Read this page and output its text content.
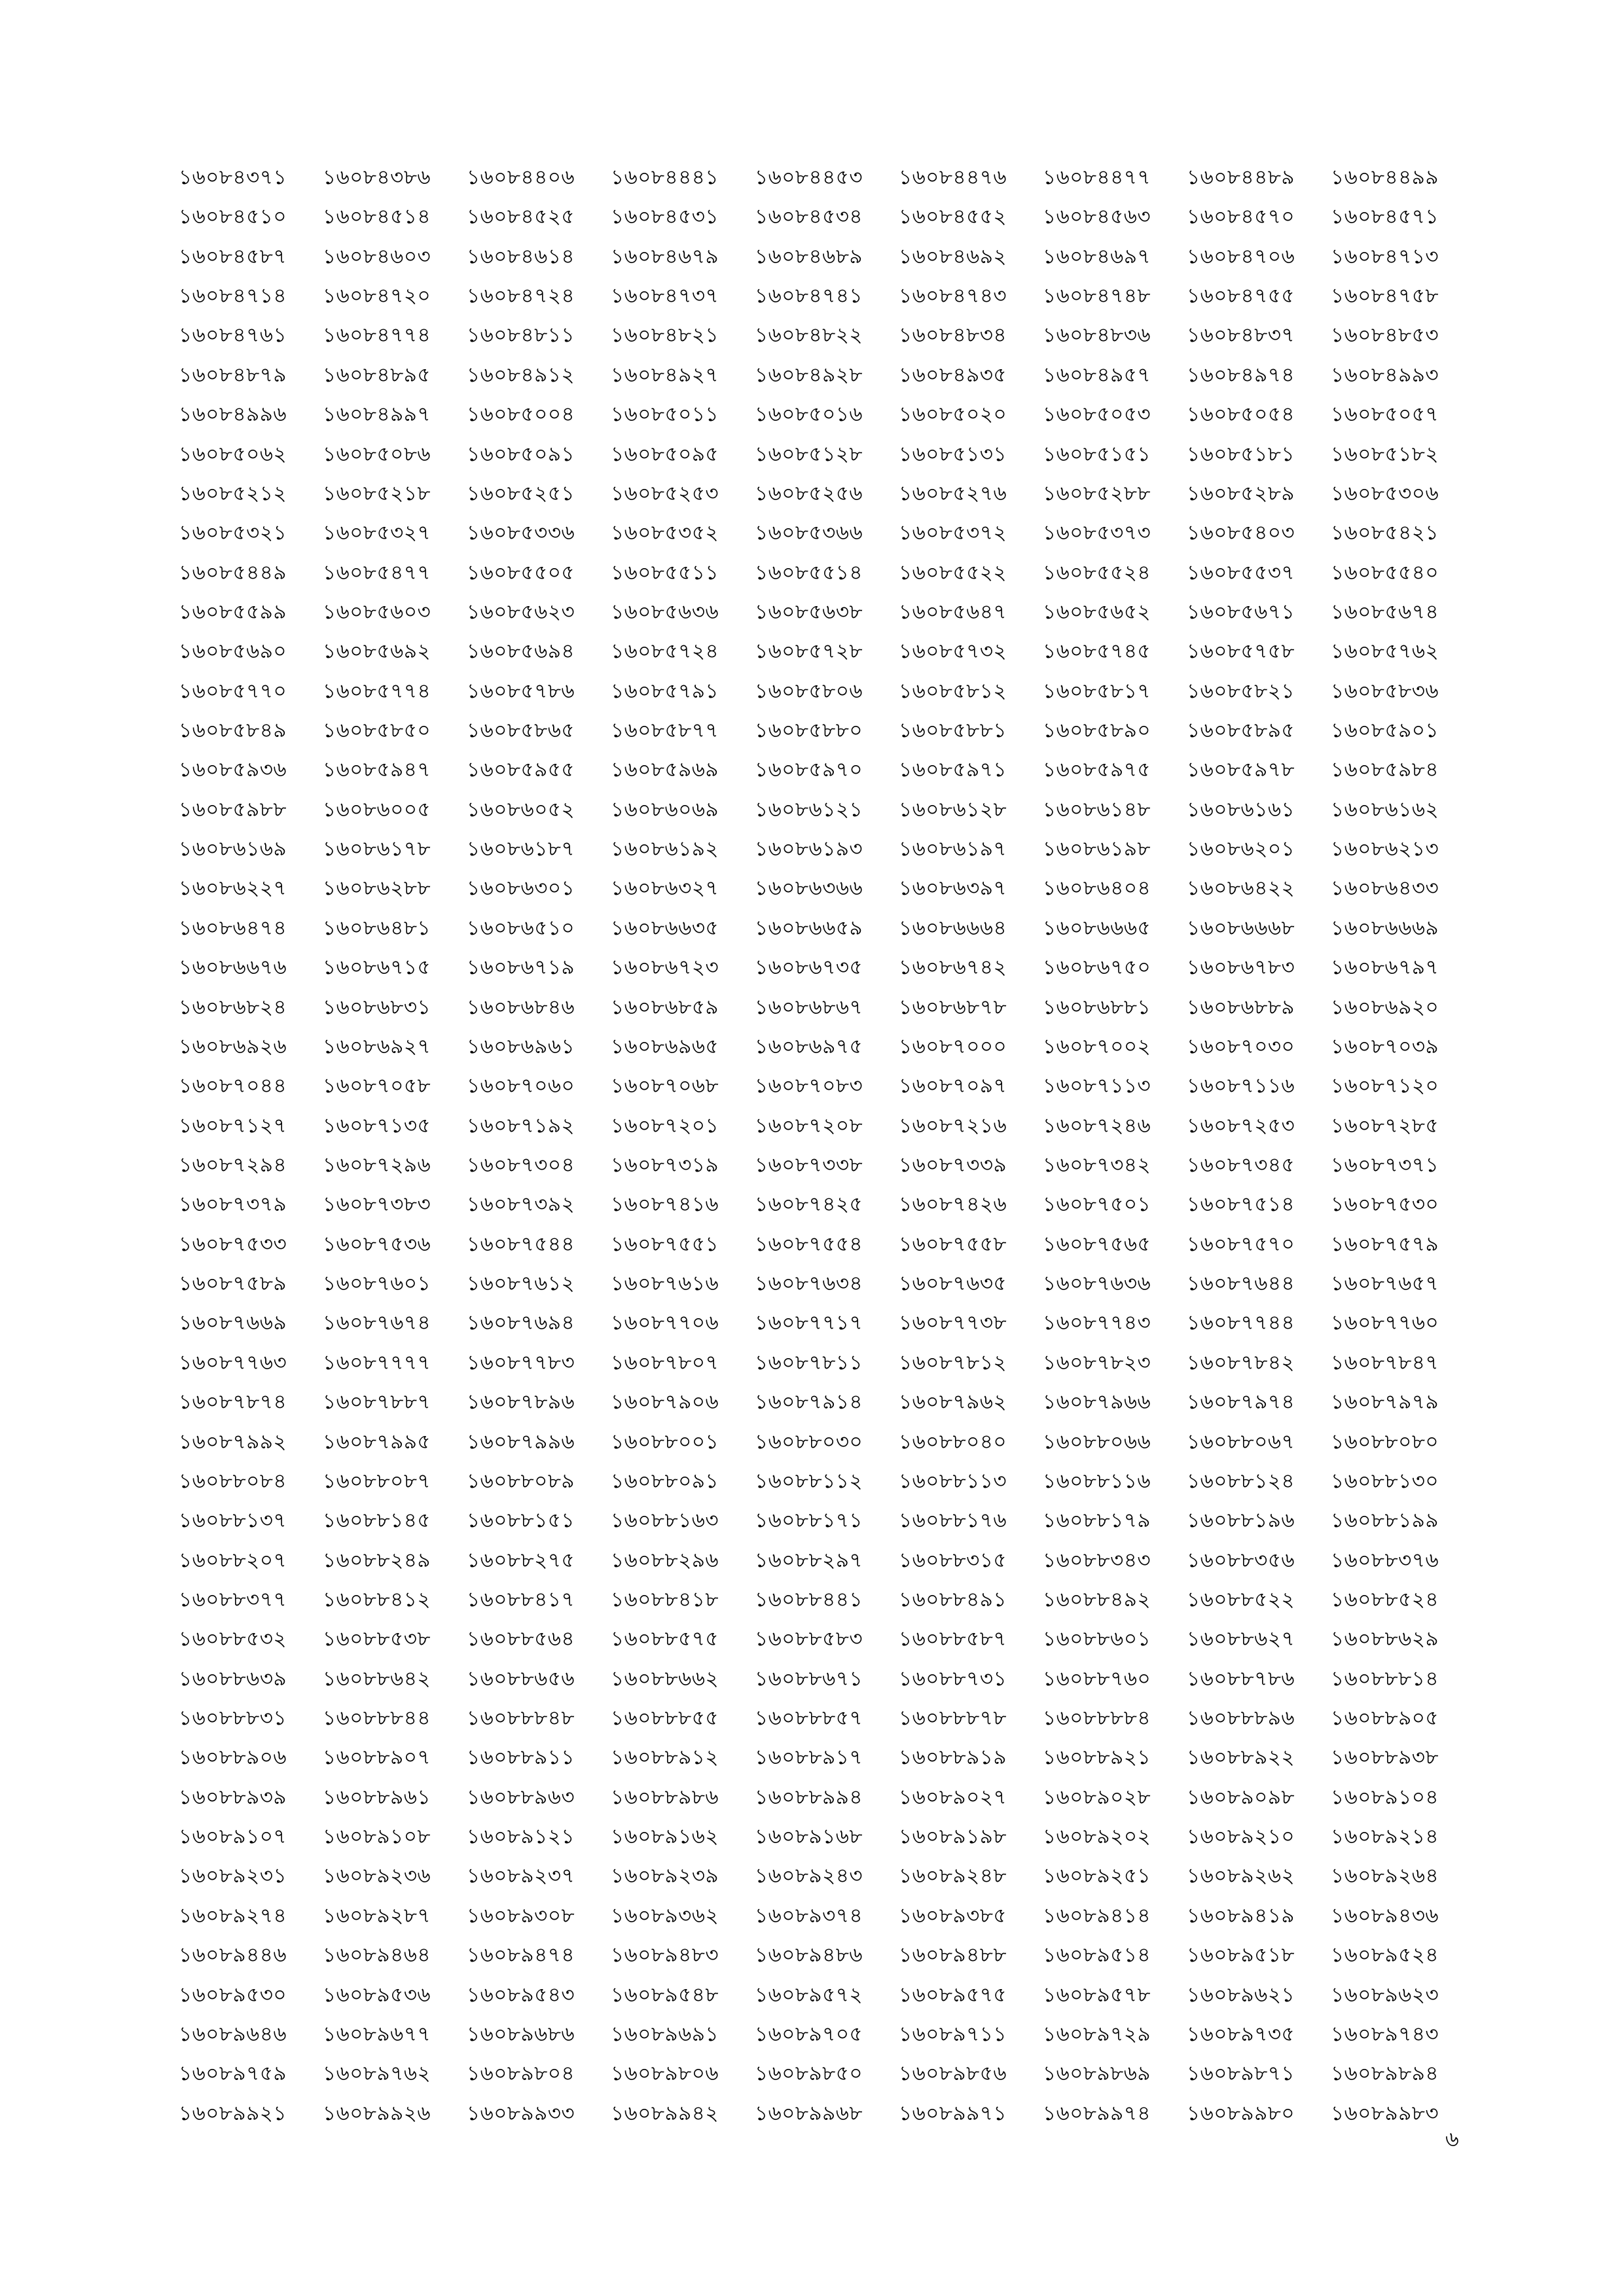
১৬০৮৪৩৭১	১৬০৮৪৩৮৬	১৬০৮৪৪০৬	১৬০৮৪৪৪১	১৬০৮৪৪৫৩	১৬০৮৪৪৭৬	১৬০৮৪৪৭৭	১৬০৮৪৪৮৯	১৬০৮৪৪৯৯
১৬০৮৪৫১০	১৬০৮৪৫১৪	১৬০৮৪৫২৫	১৬০৮৪৫৩১	১৬০৮৪৫৩৪	১৬০৮৪৫৫২	১৬০৮৪৫৬৩	১৬০৮৪৫৭০	১৬০৮৪৫৭১
১৬০৮৪৫৮৭	১৬০৮৪৬০৩	১৬০৮৪৬১৪	১৬০৮৪৬৭৯	১৬০৮৪৬৮৯	১৬০৮৪৬৯২	১৬০৮৪৬৯৭	১৬০৮৪৭০৬	১৬০৮৪৭১৩
১৬০৮৪৭১৪	১৬০৮৪৭২০	১৬০৮৪৭২৪	১৬০৮৪৭৩৭	১৬০৮৪৭৪১	১৬০৮৪৭৪৩	১৬০৮৪৭৪৮	১৬০৮৪৭৫৫	১৬০৮৪৭৫৮
১৬০৮৪৭৬১	১৬০৮৪৭৭৪	১৬০৮৪৮১১	১৬০৮৪৮২১	১৬০৮৪৮২২	১৬০৮৪৮৩৪	১৬০৮৪৮৩৬	১৬০৮৪৮৩৭	১৬০৮৪৮৫৩
১৬০৮৪৮৭৯	১৬০৮৪৮৯৫	১৬০৮৪৯১২	১৬০৮৪৯২৭	১৬০৮৪৯২৮	১৬০৮৪৯৩৫	১৬০৮৪৯৫৭	১৬০৮৪৯৭৪	১৬০৮৪৯৯৩
১৬০৮৪৯৯৬	১৬০৮৪৯৯৭	১৬০৮৫০০৪	১৬০৮৫০১১	১৬০৮৫০১৬	১৬০৮৫০২০	১৬০৮৫০৫৩	১৬০৮৫০৫৪	১৬০৮৫০৫৭
১৬০৮৫০৬২	১৬০৮৫০৮৬	১৬০৮৫০৯১	১৬০৮৫০৯৫	১৬০৮৫১২৮	১৬০৮৫১৩১	১৬০৮৫১৫১	১৬০৮৫১৮১	১৬০৮৫১৮২
১৬০৮৫২১২	১৬০৮৫২১৮	১৬০৮৫২৫১	১৬০৮৫২৫৩	১৬০৮৫২৫৬	১৬০৮৫২৭৬	১৬০৮৫২৮৮	১৬০৮৫২৮৯	১৬০৮৫৩০৬
১৬০৮৫৩২১	১৬০৮৫৩২৭	১৬০৮৫৩৩৬	১৬০৮৫৩৫২	১৬০৮৫৩৬৬	১৬০৮৫৩৭২	১৬০৮৫৩৭৩	১৬০৮৫৪০৩	১৬০৮৫৪২১
১৬০৮৫৪৪৯	১৬০৮৫৪৭৭	১৬০৮৫৫০৫	১৬০৮৫৫১১	১৬০৮৫৫১৪	১৬০৮৫৫২২	১৬০৮৫৫২৪	১৬০৮৫৫৩৭	১৬০৮৫৫৪০
১৬০৮৫৫৯৯	১৬০৮৫৬০৩	১৬০৮৫৬২৩	১৬০৮৫৬৩৬	১৬০৮৫৬৩৮	১৬০৮৫৬৪৭	১৬০৮৫৬৫২	১৬০৮৫৬৭১	১৬০৮৫৬৭৪
১৬০৮৫৬৯০	১৬০৮৫৬৯২	১৬০৮৫৬৯৪	১৬০৮৫৭২৪	১৬০৮৫৭২৮	১৬০৮৫৭৩২	১৬০৮৫৭৪৫	১৬০৮৫৭৫৮	১৬০৮৫৭৬২
১৬০৮৫৭৭০	১৬০৮৫৭৭৪	১৬০৮৫৭৮৬	১৬০৮৫৭৯১	১৬০৮৫৮০৬	১৬০৮৫৮১২	১৬০৮৫৮১৭	১৬০৮৫৮২১	১৬০৮৫৮৩৬
১৬০৮৫৮৪৯	১৬০৮৫৮৫০	১৬০৮৫৮৬৫	১৬০৮৫৮৭৭	১৬০৮৫৮৮০	১৬০৮৫৮৮১	১৬০৮৫৮৯০	১৬০৮৫৮৯৫	১৬০৮৫৯০১
১৬০৮৫৯৩৬	১৬০৮৫৯৪৭	১৬০৮৫৯৫৫	১৬০৮৫৯৬৯	১৬০৮৫৯৭০	১৬০৮৫৯৭১	১৬০৮৫৯৭৫	১৬০৮৫৯৭৮	১৬০৮৫৯৮৪
১৬০৮৫৯৮৮	১৬০৮৬০০৫	১৬০৮৬০৫২	১৬০৮৬০৬৯	১৬০৮৬১২১	১৬০৮৬১২৮	১৬০৮৬১৪৮	১৬০৮৬১৬১	১৬০৮৬১৬২
১৬০৮৬১৬৯	১৬০৮৬১৭৮	১৬০৮৬১৮৭	১৬০৮৬১৯২	১৬০৮৬১৯৩	১৬০৮৬১৯৭	১৬০৮৬১৯৮	১৬০৮৬২০১	১৬০৮৬২১৩
১৬০৮৬২২৭	১৬০৮৬২৮৮	১৬০৮৬৩০১	১৬০৮৬৩২৭	১৬০৮৬৩৬৬	১৬০৮৬৩৯৭	১৬০৮৬৪০৪	১৬০৮৬৪২২	১৬০৮৬৪৩৩
১৬০৮৬৪৭৪	১৬০৮৬৪৮১	১৬০৮৬৫১০	১৬০৮৬৬৩৫	১৬০৮৬৬৫৯	১৬০৮৬৬৬৪	১৬০৮৬৬৬৫	১৬০৮৬৬৬৮	১৬০৮৬৬৬৯
১৬০৮৬৬৭৬	১৬০৮৬৭১৫	১৬০৮৬৭১৯	১৬০৮৬৭২৩	১৬০৮৬৭৩৫	১৬০৮৬৭৪২	১৬০৮৬৭৫০	১৬০৮৬৭৮৩	১৬০৮৬৭৯৭
১৬০৮৬৮২৪	১৬০৮৬৮৩১	১৬০৮৬৮৪৬	১৬০৮৬৮৫৯	১৬০৮৬৮৬৭	১৬০৮৬৮৭৮	১৬০৮৬৮৮১	১৬০৮৬৮৮৯	১৬০৮৬৯২০
১৬০৮৬৯২৬	১৬০৮৬৯২৭	১৬০৮৬৯৬১	১৬০৮৬৯৬৫	১৬০৮৬৯৭৫	১৬০৮৭০০০	১৬০৮৭০০২	১৬০৮৭০৩০	১৬০৮৭০৩৯
১৬০৮৭০৪৪	১৬০৮৭০৫৮	১৬০৮৭০৬০	১৬০৮৭০৬৮	১৬০৮৭০৮৩	১৬০৮৭০৯৭	১৬০৮৭১১৩	১৬০৮৭১১৬	১৬০৮৭১২০
১৬০৮৭১২৭	১৬০৮৭১৩৫	১৬০৮৭১৯২	১৬০৮৭২০১	১৬০৮৭২০৮	১৬০৮৭২১৬	১৬০৮৭২৪৬	১৬০৮৭২৫৩	১৬০৮৭২৮৫
১৬০৮৭২৯৪	১৬০৮৭২৯৬	১৬০৮৭৩০৪	১৬০৮৭৩১৯	১৬০৮৭৩৩৮	১৬০৮৭৩৩৯	১৬০৮৭৩৪২	১৬০৮৭৩৪৫	১৬০৮৭৩৭১
১৬০৮৭৩৭৯	১৬০৮৭৩৮৩	১৬০৮৭৩৯২	১৬০৮৭৪১৬	১৬০৮৭৪২৫	১৬০৮৭৪২৬	১৬০৮৭৫০১	১৬০৮৭৫১৪	১৬০৮৭৫৩০
১৬০৮৭৫৩৩	১৬০৮৭৫৩৬	১৬০৮৭৫৪৪	১৬০৮৭৫৫১	১৬০৮৭৫৫৪	১৬০৮৭৫৫৮	১৬০৮৭৫৬৫	১৬০৮৭৫৭০	১৬০৮৭৫৭৯
১৬০৮৭৫৮৯	১৬০৮৭৬০১	১৬০৮৭৬১২	১৬০৮৭৬১৬	১৬০৮৭৬৩৪	১৬০৮৭৬৩৫	১৬০৮৭৬৩৬	১৬০৮৭৬৪৪	১৬০৮৭৬৫৭
১৬০৮৭৬৬৯	১৬০৮৭৬৭৪	১৬০৮৭৬৯৪	১৬০৮৭৭০৬	১৬০৮৭৭১৭	১৬০৮৭৭৩৮	১৬০৮৭৭৪৩	১৬০৮৭৭৪৪	১৬০৮৭৭৬০
১৬০৮৭৭৬৩	১৬০৮৭৭৭৭	১৬০৮৭৭৮৩	১৬০৮৭৮০৭	১৬০৮৭৮১১	১৬০৮৭৮১২	১৬০৮৭৮২৩	১৬০৮৭৮৪২	১৬০৮৭৮৪৭
১৬০৮৭৮৭৪	১৬০৮৭৮৮৭	১৬০৮৭৮৯৬	১৬০৮৭৯০৬	১৬০৮৭৯১৪	১৬০৮৭৯৬২	১৬০৮৭৯৬৬	১৬০৮৭৯৭৪	১৬০৮৭৯৭৯
১৬০৮৭৯৯২	১৬০৮৭৯৯৫	১৬০৮৭৯৯৬	১৬০৮৮০০১	১৬০৮৮০৩০	১৬০৮৮০৪০	১৬০৮৮০৬৬	১৬০৮৮০৬৭	১৬০৮৮০৮০
১৬০৮৮০৮৪	১৬০৮৮০৮৭	১৬০৮৮০৮৯	১৬০৮৮০৯১	১৬০৮৮১১২	১৬০৮৮১১৩	১৬০৮৮১১৬	১৬০৮৮১২৪	১৬০৮৮১৩০
১৬০৮৮১৩৭	১৬০৮৮১৪৫	১৬০৮৮১৫১	১৬০৮৮১৬৩	১৬০৮৮১৭১	১৬০৮৮১৭৬	১৬০৮৮১৭৯	১৬০৮৮১৯৬	১৬০৮৮১৯৯
১৬০৮৮২০৭	১৬০৮৮২৪৯	১৬০৮৮২৭৫	১৬০৮৮২৯৬	১৬০৮৮২৯৭	১৬০৮৮৩১৫	১৬০৮৮৩৪৩	১৬০৮৮৩৫৬	১৬০৮৮৩৭৬
১৬০৮৮৩৭৭	১৬০৮৮৪১২	১৬০৮৮৪১৭	১৬০৮৮৪১৮	১৬০৮৮৪৪১	১৬০৮৮৪৯১	১৬০৮৮৪৯২	১৬০৮৮৫২২	১৬০৮৮৫২৪
১৬০৮৮৫৩২	১৬০৮৮৫৩৮	১৬০৮৮৫৬৪	১৬০৮৮৫৭৫	১৬০৮৮৫৮৩	১৬০৮৮৫৮৭	১৬০৮৮৬০১	১৬০৮৮৬২৭	১৬০৮৮৬২৯
১৬০৮৮৬৩৯	১৬০৮৮৬৪২	১৬০৮৮৬৫৬	১৬০৮৮৬৬২	১৬০৮৮৬৭১	১৬০৮৮৭৩১	১৬০৮৮৭৬০	১৬০৮৮৭৮৬	১৬০৮৮৮১৪
১৬০৮৮৮৩১	১৬০৮৮৮৪৪	১৬০৮৮৮৪৮	১৬০৮৮৮৫৫	১৬০৮৮৮৫৭	১৬০৮৮৮৭৮	১৬০৮৮৮৮৪	১৬০৮৮৮৯৬	১৬০৮৮৯০৫
১৬০৮৮৯০৬	১৬০৮৮৯০৭	১৬০৮৮৯১১	১৬০৮৮৯১২	১৬০৮৮৯১৭	১৬০৮৮৯১৯	১৬০৮৮৯২১	১৬০৮৮৯২২	১৬০৮৮৯৩৮
১৬০৮৮৯৩৯	১৬০৮৮৯৬১	১৬০৮৮৯৬৩	১৬০৮৮৯৮৬	১৬০৮৮৯৯৪	১৬০৮৯০২৭	১৬০৮৯০২৮	১৬০৮৯০৯৮	১৬০৮৯১০৪
১৬০৮৯১০৭	১৬০৮৯১০৮	১৬০৮৯১২১	১৬০৮৯১৬২	১৬০৮৯১৬৮	১৬০৮৯১৯৮	১৬০৮৯২০২	১৬০৮৯২১০	১৬০৮৯২১৪
১৬০৮৯২৩১	১৬০৮৯২৩৬	১৬০৮৯২৩৭	১৬০৮৯২৩৯	১৬০৮৯২৪৩	১৬০৮৯২৪৮	১৬০৮৯২৫১	১৬০৮৯২৬২	১৬০৮৯২৬৪
১৬০৮৯২৭৪	১৬০৮৯২৮৭	১৬০৮৯৩০৮	১৬০৮৯৩৬২	১৬০৮৯৩৭৪	১৬০৮৯৩৮৫	১৬০৮৯৪১৪	১৬০৮৯৪১৯	১৬০৮৯৪৩৬
১৬০৮৯৪৪৬	১৬০৮৯৪৬৪	১৬০৮৯৪৭৪	১৬০৮৯৪৮৩	১৬০৮৯৪৮৬	১৬০৮৯৪৮৮	১৬০৮৯৫১৪	১৬০৮৯৫১৮	১৬০৮৯৫২৪
১৬০৮৯৫৩০	১৬০৮৯৫৩৬	১৬০৮৯৫৪৩	১৬০৮৯৫৪৮	১৬০৮৯৫৭২	১৬০৮৯৫৭৫	১৬০৮৯৫৭৮	১৬০৮৯৬২১	১৬০৮৯৬২৩
১৬০৮৯৬৪৬	১৬০৮৯৬৭৭	১৬০৮৯৬৮৬	১৬০৮৯৬৯১	১৬০৮৯৭০৫	১৬০৮৯৭১১	১৬০৮৯৭২৯	১৬০৮৯৭৩৫	১৬০৮৯৭৪৩
১৬০৮৯৭৫৯	১৬০৮৯৭৬২	১৬০৮৯৮০৪	১৬০৮৯৮০৬	১৬০৮৯৮৫০	১৬০৮৯৮৫৬	১৬০৮৯৮৬৯	১৬০৮৯৮৭১	১৬০৮৯৮৯৪
১৬০৮৯৯২১	১৬০৮৯৯২৬	১৬০৮৯৯৩৩	১৬০৮৯৯৪২	১৬০৮৯৯৬৮	১৬০৮৯৯৭১	১৬০৮৯৯৭৪	১৬০৮৯৯৮০	১৬০৮৯৯৮৩
৬
